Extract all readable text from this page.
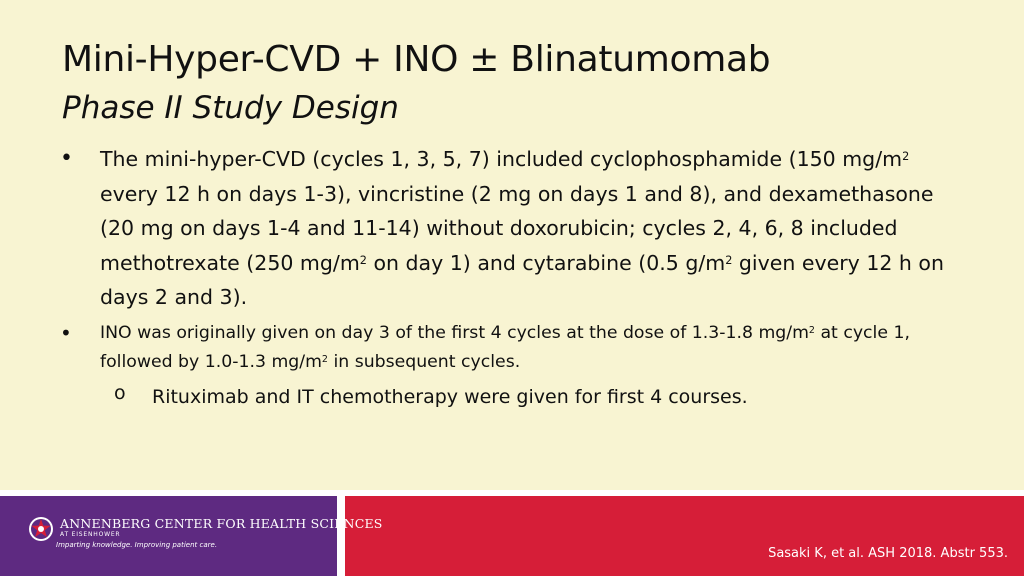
Mini-Hyper-CVD + INO ± Blinatumomab
Phase II Study Design
• The mini-hyper-CVD (cycles 1, 3, 5, 7) included cyclophosphamide (150 $mg/m^2$ every 12 h on days 1-3), vincristine (2 mg on days 1 and 8), and dexamethasone (20 mg on days 1-4 and 11-14) without doxorubicin; cycles 2, 4, 6, 8 included methotrexate (250 $mg/m^2$ on day 1) and cytarabine (0.5 $g/m^2$ given every 12 h on days 2 and 3).
• INO was originally given on day 3 of the first 4 cycles at the dose of 1.3-1.8 $mg/m^2$ at cycle 1, followed by 1.0-1.3 $mg/m^2$ in subsequent cycles.
o Rituximab and IT chemotherapy were given for first 4 courses.
ANNENBERG CENTER FOR HEALTH SCIENCES
AT EISENHOWER
Imparting knowledge. Improving patient care.
Sasaki K, et al. ASH 2018. Abstr 553.
